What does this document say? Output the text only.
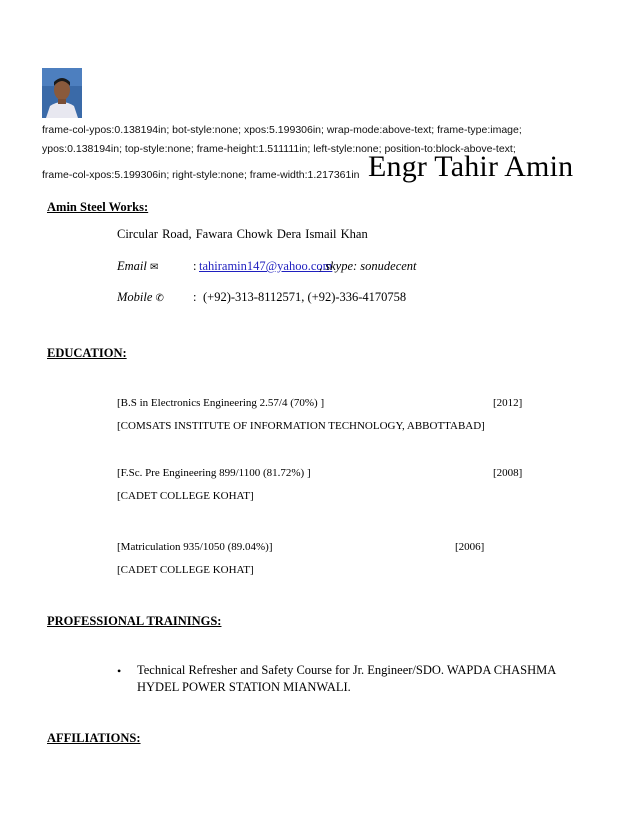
frame-col-ypos:0.138194in; bot-style:none; xpos:5.199306in; wrap-mode:above-text; frame-type:image;
ypos:0.138194in; top-style:none; frame-height:1.511111in; left-style:none; position-to:block-above-text;
frame-col-xpos:5.199306in; right-style:none; frame-width:1.217361in Engr Tahir Amin
Amin Steel Works:
Circular Road, Fawara Chowk Dera Ismail Khan
Email ✉	: tahiramin147@yahoo.com
, skype: sonudecent
Mobile ✆ : (+92)-313-8112571, (+92)-336-4170758
EDUCATION:
[B.S in Electronics Engineering 2.57/4 (70%) ]	[2012]
[COMSATS INSTITUTE OF INFORMATION TECHNOLOGY, ABBOTTABAD]
[F.Sc. Pre Engineering 899/1100 (81.72%) ]	[2008]
[CADET COLLEGE KOHAT]
[Matriculation 935/1050 (89.04%)]	[2006]
[CADET COLLEGE KOHAT]
PROFESSIONAL TRAININGS:
• Technical Refresher and Safety Course for Jr. Engineer/SDO. WAPDA CHASHMA
HYDEL POWER STATION MIANWALI.
AFFILIATIONS:
